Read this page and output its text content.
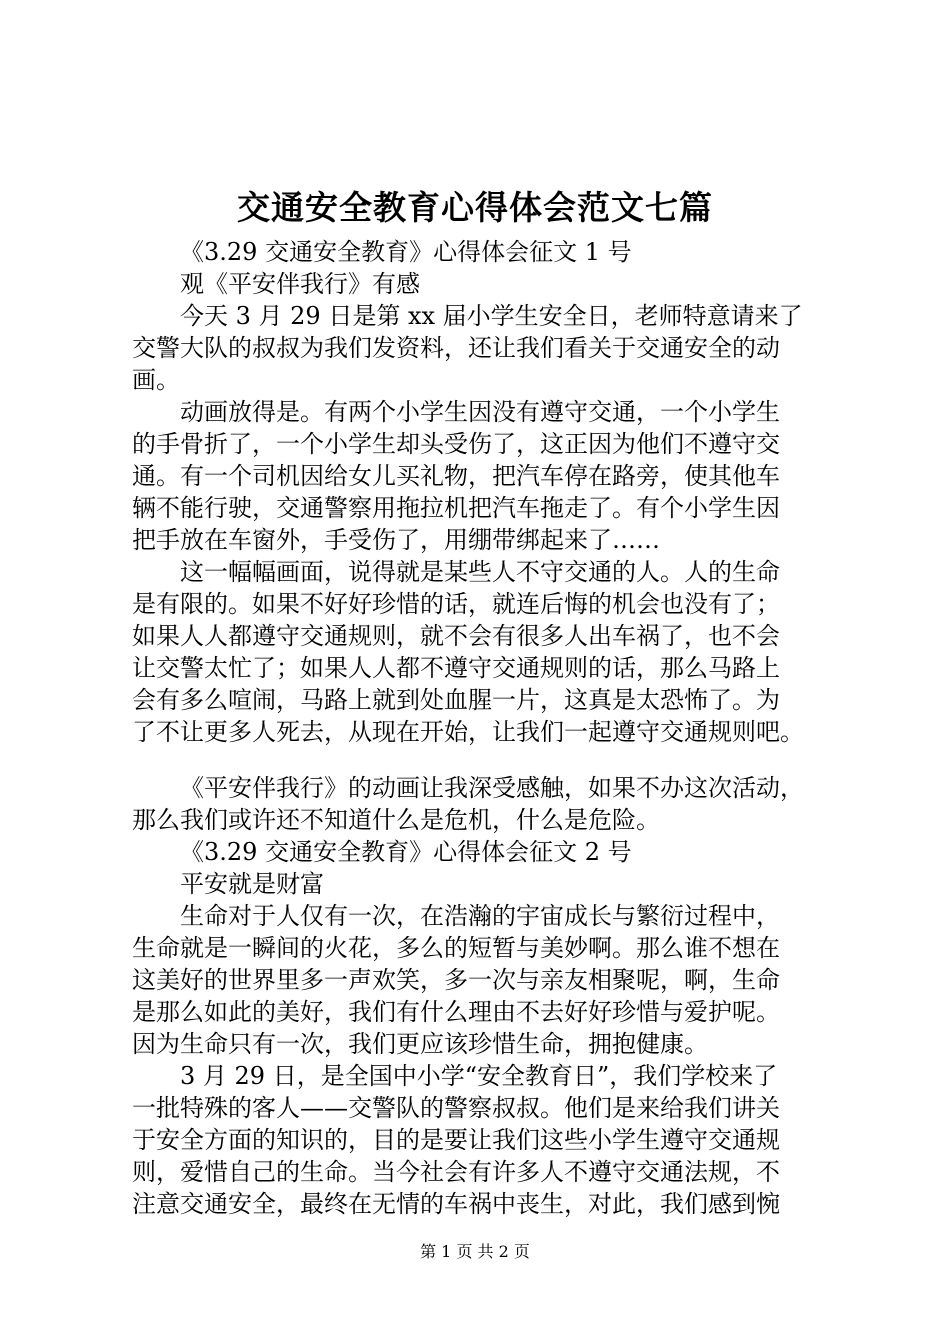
交通安全教育心得体会范文七篇

《3.29 交通安全教育》心得体会征文 1 号

观《平安伴我行》有感

今天 3 月 29 日是第 xx 届小学生安全日，老师特意请来了
交警大队的叔叔为我们发资料，还让我们看关于交通安全的动
画。

动画放得是。有两个小学生因没有遵守交通，一个小学生
的手骨折了，一个小学生却头受伤了，这正因为他们不遵守交
通。有一个司机因给女儿买礼物，把汽车停在路旁，使其他车
辆不能行驶，交通警察用拖拉机把汽车拖走了。有个小学生因
把手放在车窗外，手受伤了，用绷带绑起来了……

这一幅幅画面，说得就是某些人不守交通的人。人的生命
是有限的。如果不好好珍惜的话，就连后悔的机会也没有了；
如果人人都遵守交通规则，就不会有很多人出车祸了，也不会
让交警太忙了；如果人人都不遵守交通规则的话，那么马路上
会有多么喧闹，马路上就到处血腥一片，这真是太恐怖了。为
了不让更多人死去，从现在开始，让我们一起遵守交通规则吧。

《平安伴我行》的动画让我深受感触，如果不办这次活动，
那么我们或许还不知道什么是危机，什么是危险。

《3.29 交通安全教育》心得体会征文 2 号

平安就是财富

生命对于人仅有一次，在浩瀚的宇宙成长与繁衍过程中，
生命就是一瞬间的火花，多么的短暂与美妙啊。那么谁不想在
这美好的世界里多一声欢笑，多一次与亲友相聚呢，啊，生命
是那么如此的美好，我们有什么理由不去好好珍惜与爱护呢。
因为生命只有一次，我们更应该珍惜生命，拥抱健康。

3 月 29 日，是全国中小学“安全教育日”，我们学校来了
一批特殊的客人——交警队的警察叔叔。他们是来给我们讲关
于安全方面的知识的，目的是要让我们这些小学生遵守交通规
则，爱惜自己的生命。当今社会有许多人不遵守交通法规，不
注意交通安全，最终在无情的车祸中丧生，对此，我们感到惋

第 1 页 共 2 页
